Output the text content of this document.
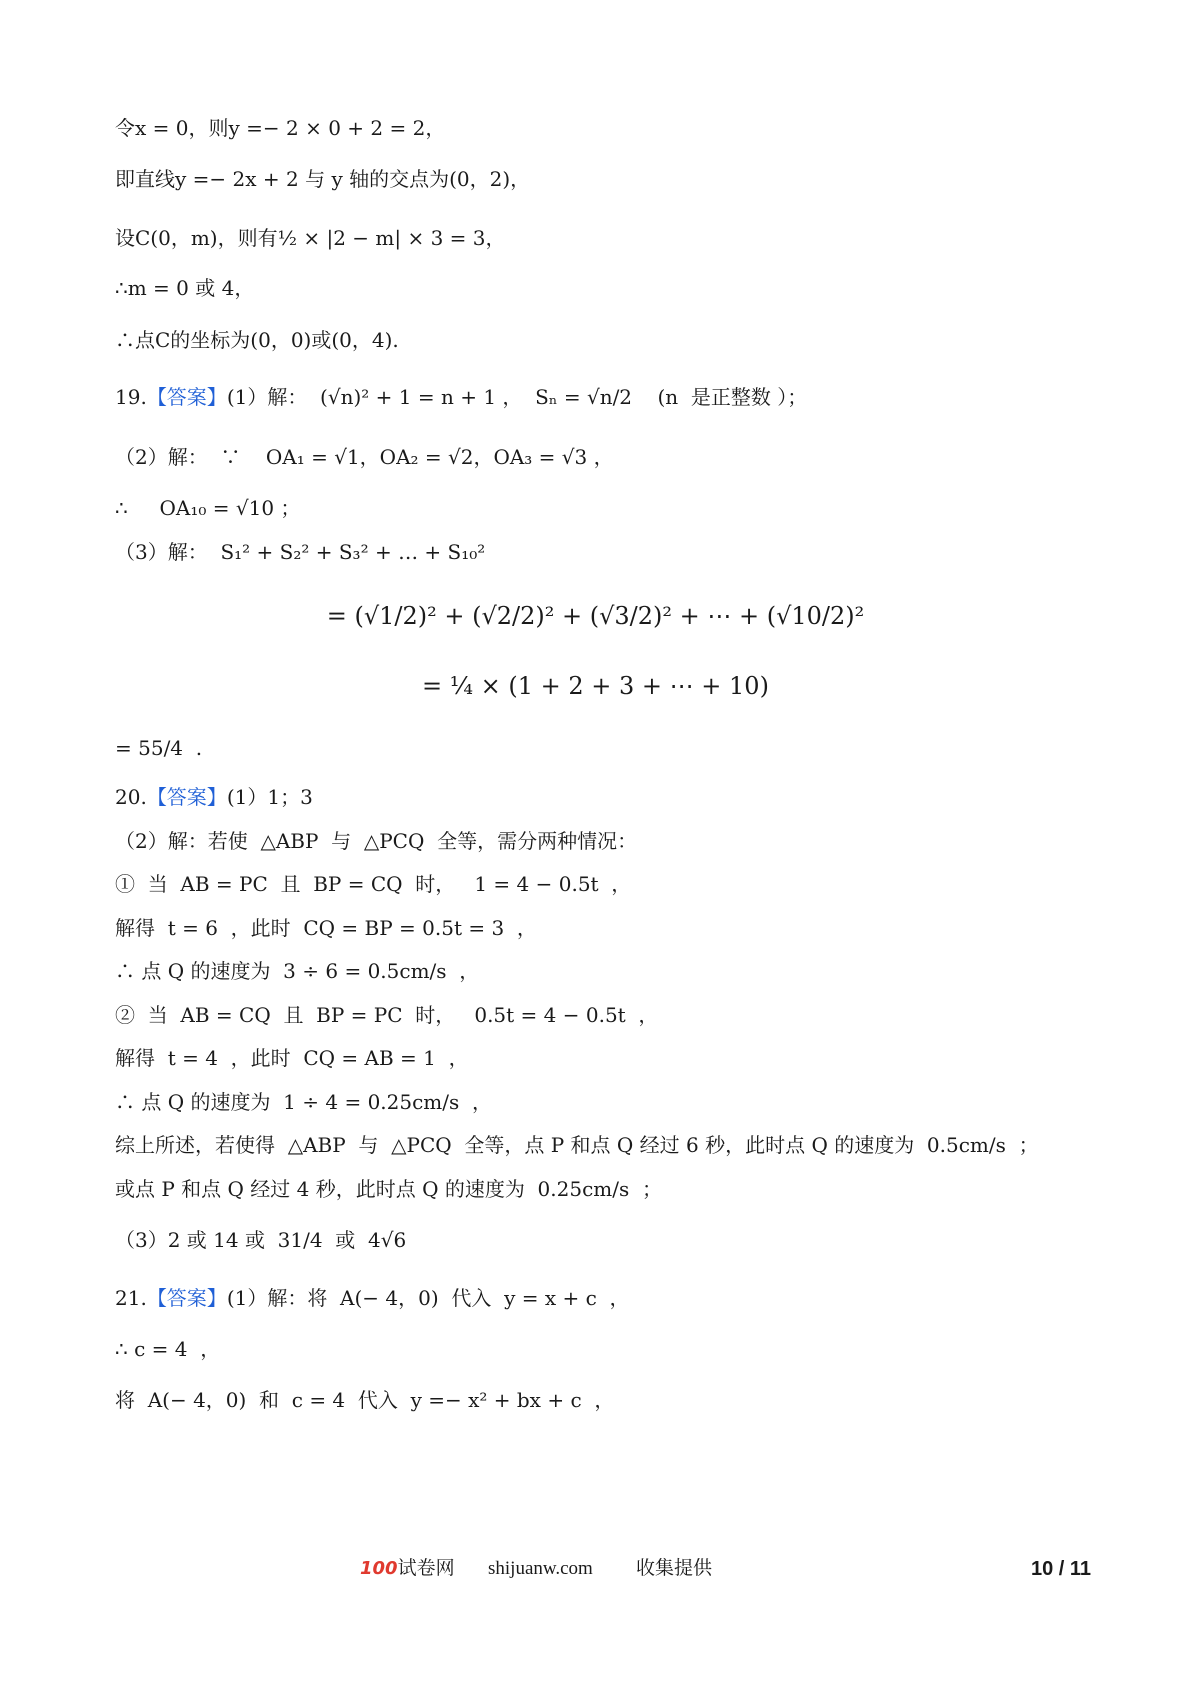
令x = 0，则y =− 2 × 0 + 2 = 2，
即直线y =− 2x + 2 与 y 轴的交点为(0，2)，
设C(0，m)，则有½ × |2 − m| × 3 = 3，
∴m = 0 或 4，
∴点C的坐标为(0，0)或(0，4).
19.【答案】(1）解：  (√n)² + 1 = n + 1 ，  Sₙ = √n/2    (n  是正整数 ）；
（2）解：  ∵    OA₁ = √1，OA₂ = √2，OA₃ = √3 ，
∴     OA₁₀ = √10 ；
（3）解：  S₁² + S₂² + S₃² + … + S₁₀²
= (√1/2)² + (√2/2)² + (√3/2)² + ⋯ + (√10/2)²
= ¼ × (1 + 2 + 3 + ⋯ + 10)
= 55/4  .
20.【答案】(1）1；3
（2）解：若使  △ABP  与  △PCQ  全等，需分两种情况：
①  当  AB = PC  且  BP = CQ  时，   1 = 4 − 0.5t  ，
解得  t = 6  ，此时  CQ = BP = 0.5t = 3  ，
∴ 点 Q 的速度为  3 ÷ 6 = 0.5cm/s  ，
②  当  AB = CQ  且  BP = PC  时，   0.5t = 4 − 0.5t  ，
解得  t = 4  ，此时  CQ = AB = 1  ，
∴ 点 Q 的速度为  1 ÷ 4 = 0.25cm/s  ，
综上所述，若使得  △ABP  与  △PCQ  全等，点 P 和点 Q 经过 6 秒，此时点 Q 的速度为  0.5cm/s  ；
或点 P 和点 Q 经过 4 秒，此时点 Q 的速度为  0.25cm/s  ；
（3）2 或 14 或  31/4  或  4√6
21.【答案】(1）解：将  A(− 4，0)  代入  y = x + c  ，
∴ c = 4  ，
将  A(− 4，0)  和  c = 4  代入  y =− x² + bx + c  ，
100试卷网 shijuanw.com 收集提供	10 / 11
